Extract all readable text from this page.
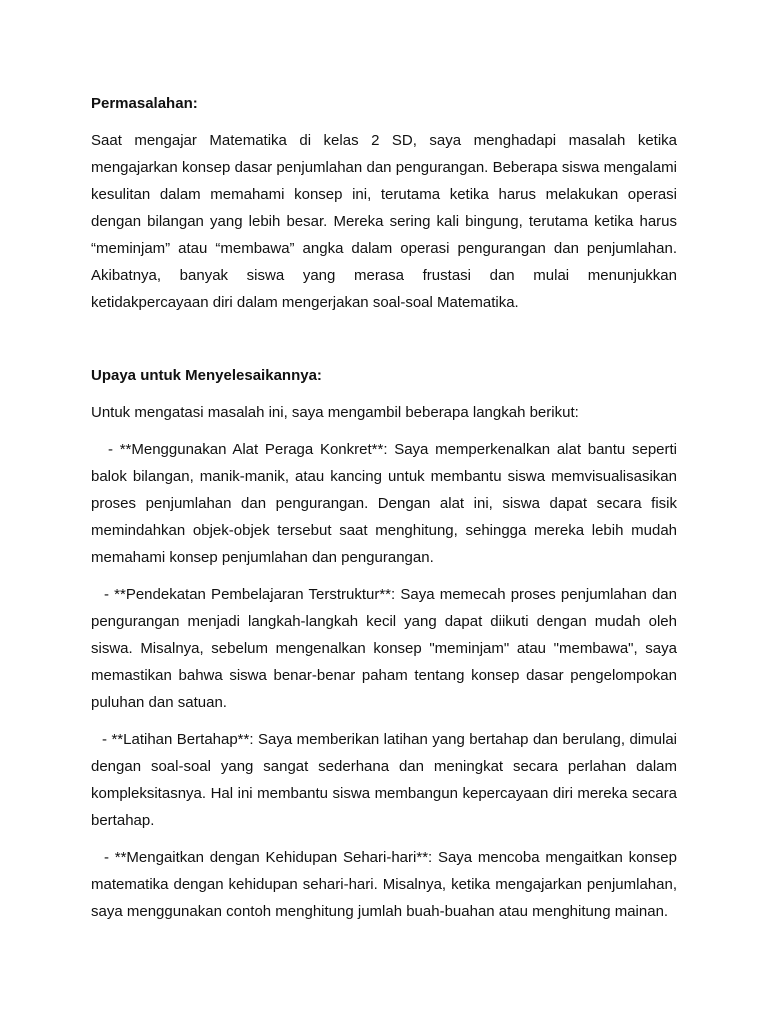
Permasalahan:

Saat mengajar Matematika di kelas 2 SD, saya menghadapi masalah ketika mengajarkan konsep dasar penjumlahan dan pengurangan. Beberapa siswa mengalami kesulitan dalam memahami konsep ini, terutama ketika harus melakukan operasi dengan bilangan yang lebih besar. Mereka sering kali bingung, terutama ketika harus “meminjam” atau “membawa” angka dalam operasi pengurangan dan penjumlahan. Akibatnya, banyak siswa yang merasa frustasi dan mulai menunjukkan ketidakpercayaan diri dalam mengerjakan soal-soal Matematika.

Upaya untuk Menyelesaikannya:

Untuk mengatasi masalah ini, saya mengambil beberapa langkah berikut:

- **Menggunakan Alat Peraga Konkret**: Saya memperkenalkan alat bantu seperti balok bilangan, manik-manik, atau kancing untuk membantu siswa memvisualisasikan proses penjumlahan dan pengurangan. Dengan alat ini, siswa dapat secara fisik memindahkan objek-objek tersebut saat menghitung, sehingga mereka lebih mudah memahami konsep penjumlahan dan pengurangan.

- **Pendekatan Pembelajaran Terstruktur**: Saya memecah proses penjumlahan dan pengurangan menjadi langkah-langkah kecil yang dapat diikuti dengan mudah oleh siswa. Misalnya, sebelum mengenalkan konsep "meminjam" atau "membawa", saya memastikan bahwa siswa benar-benar paham tentang konsep dasar pengelompokan puluhan dan satuan.

- **Latihan Bertahap**: Saya memberikan latihan yang bertahap dan berulang, dimulai dengan soal-soal yang sangat sederhana dan meningkat secara perlahan dalam kompleksitasnya. Hal ini membantu siswa membangun kepercayaan diri mereka secara bertahap.

- **Mengaitkan dengan Kehidupan Sehari-hari**: Saya mencoba mengaitkan konsep matematika dengan kehidupan sehari-hari. Misalnya, ketika mengajarkan penjumlahan, saya menggunakan contoh menghitung jumlah buah-buahan atau menghitung mainan.
